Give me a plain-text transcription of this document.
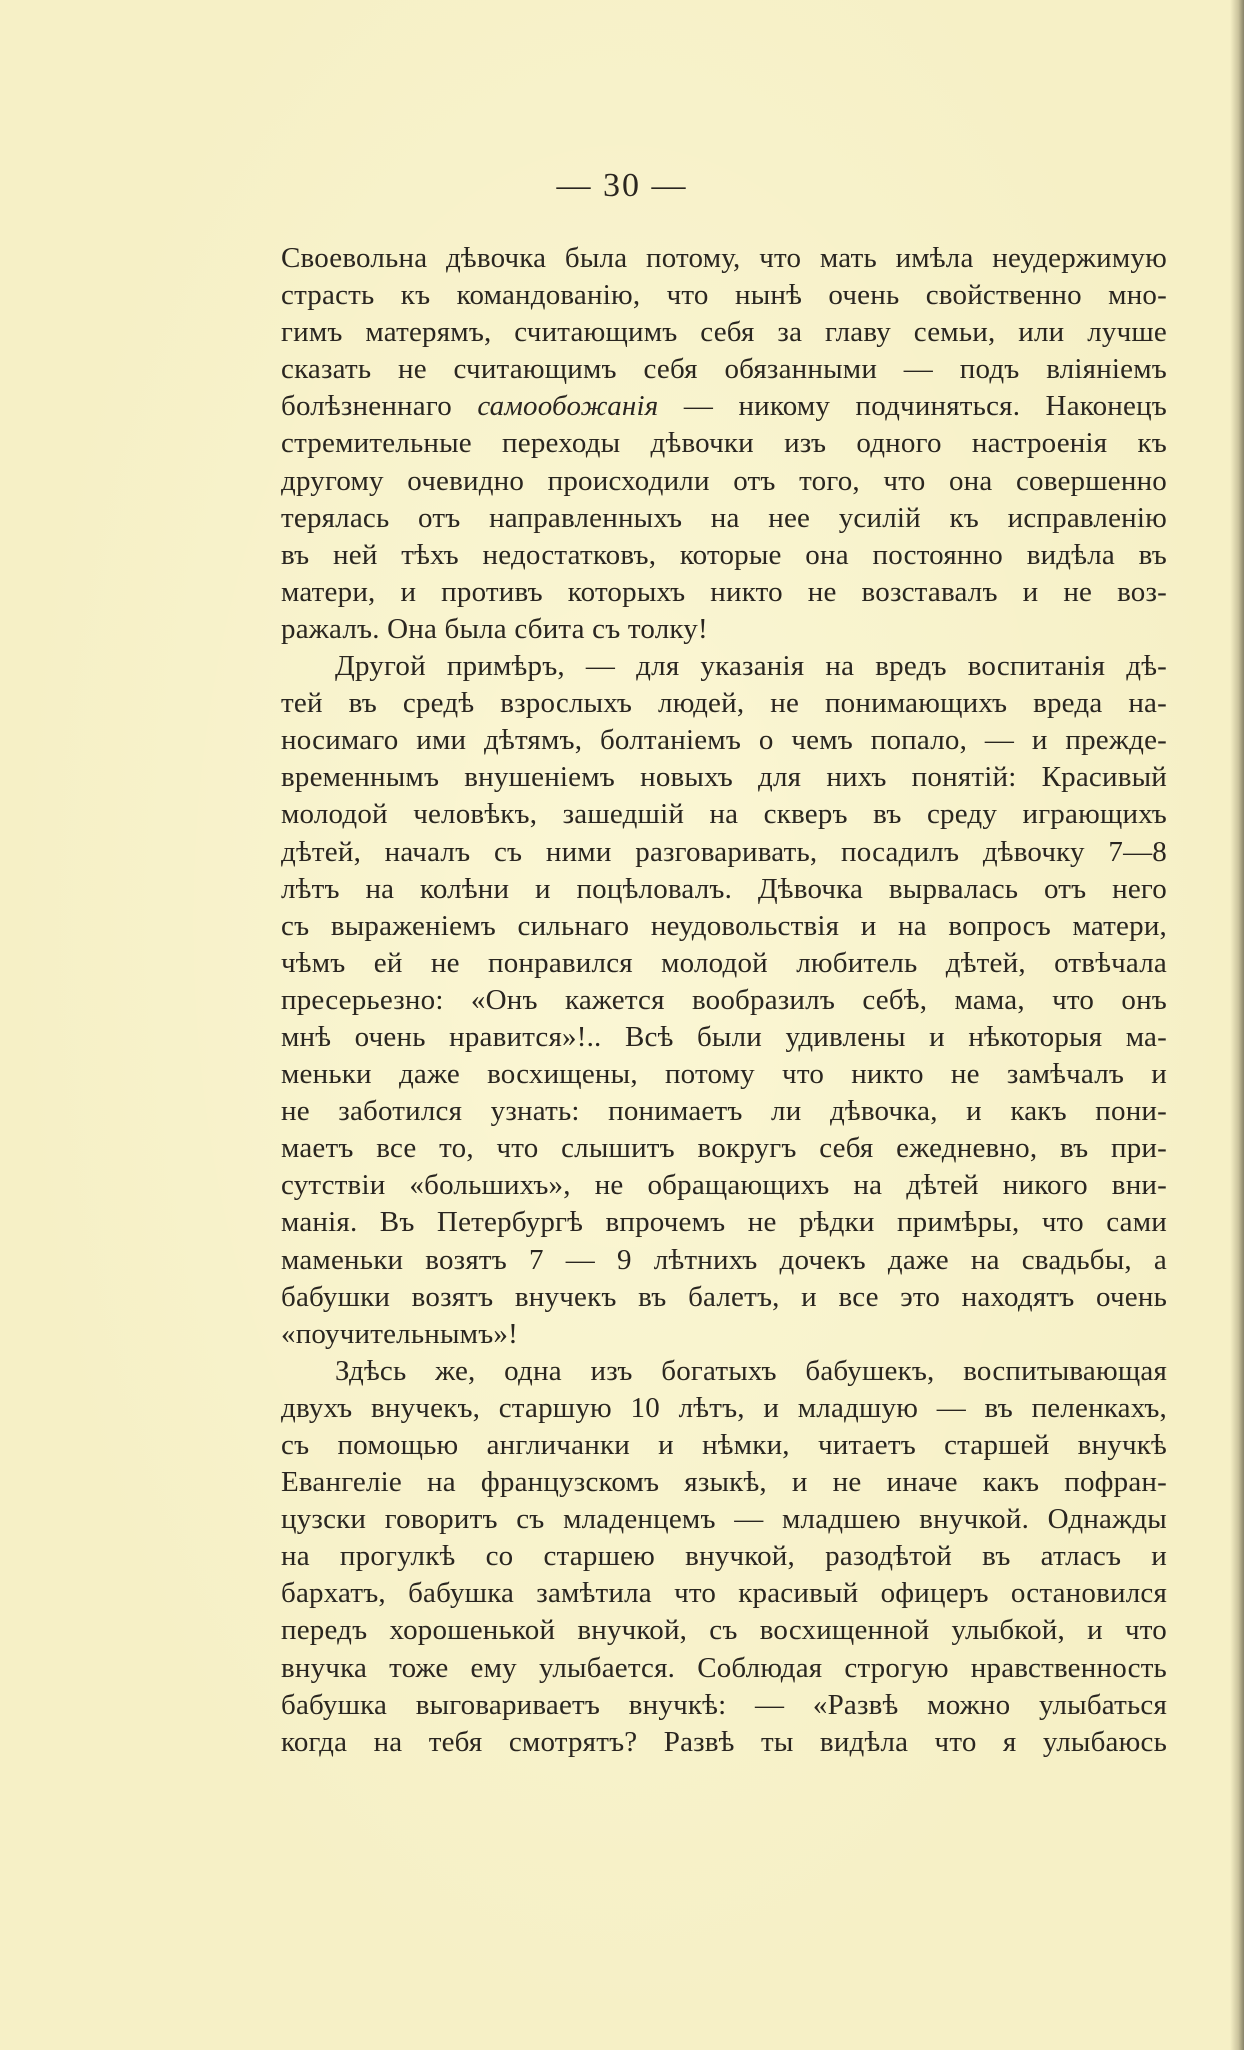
— 30 —
Своевольна дѣвочка была потому, что мать имѣла неудержимую
страсть къ командованію, что нынѣ очень свойственно мно-
гимъ матерямъ, считающимъ себя за главу семьи, или лучше
сказать не считающимъ себя обязанными — подъ вліяніемъ
болѣзненнаго самообожанія — никому подчиняться. Наконецъ
стремительные переходы дѣвочки изъ одного настроенія къ
другому очевидно происходили отъ того, что она совершенно
терялась отъ направленныхъ на нее усилій къ исправленію
въ ней тѣхъ недостатковъ, которые она постоянно видѣла въ
матери, и противъ которыхъ никто не возставалъ и не воз-
ражалъ. Она была сбита съ толку!
Другой примѣръ, — для указанія на вредъ воспитанія дѣ-
тей въ средѣ взрослыхъ людей, не понимающихъ вреда на-
носимаго ими дѣтямъ, болтаніемъ о чемъ попало, — и прежде-
временнымъ внушеніемъ новыхъ для нихъ понятій: Красивый
молодой человѣкъ, зашедшій на скверъ въ среду играющихъ
дѣтей, началъ съ ними разговаривать, посадилъ дѣвочку 7—8
лѣтъ на колѣни и поцѣловалъ. Дѣвочка вырвалась отъ него
съ выраженіемъ сильнаго неудовольствія и на вопросъ матери,
чѣмъ ей не понравился молодой любитель дѣтей, отвѣчала
пресерьезно: «Онъ кажется вообразилъ себѣ, мама, что онъ
мнѣ очень нравится»!.. Всѣ были удивлены и нѣкоторыя ма-
меньки даже восхищены, потому что никто не замѣчалъ и
не заботился узнать: понимаетъ ли дѣвочка, и какъ пони-
маетъ все то, что слышитъ вокругъ себя ежедневно, въ при-
сутствіи «большихъ», не обращающихъ на дѣтей никого вни-
манія. Въ Петербургѣ впрочемъ не рѣдки примѣры, что сами
маменьки возятъ 7 — 9 лѣтнихъ дочекъ даже на свадьбы, а
бабушки возятъ внучекъ въ балетъ, и все это находятъ очень
«поучительнымъ»!
Здѣсь же, одна изъ богатыхъ бабушекъ, воспитывающая
двухъ внучекъ, старшую 10 лѣтъ, и младшую — въ пеленкахъ,
съ помощью англичанки и нѣмки, читаетъ старшей внучкѣ
Евангеліе на французскомъ языкѣ, и не иначе какъ пофран-
цузски говоритъ съ младенцемъ — младшею внучкой. Однажды
на прогулкѣ со старшею внучкой, разодѣтой въ атласъ и
бархатъ, бабушка замѣтила что красивый офицеръ остановился
передъ хорошенькой внучкой, съ восхищенной улыбкой, и что
внучка тоже ему улыбается. Соблюдая строгую нравственность
бабушка выговариваетъ внучкѣ: — «Развѣ можно улыбаться
когда на тебя смотрятъ? Развѣ ты видѣла что я улыбаюсь
